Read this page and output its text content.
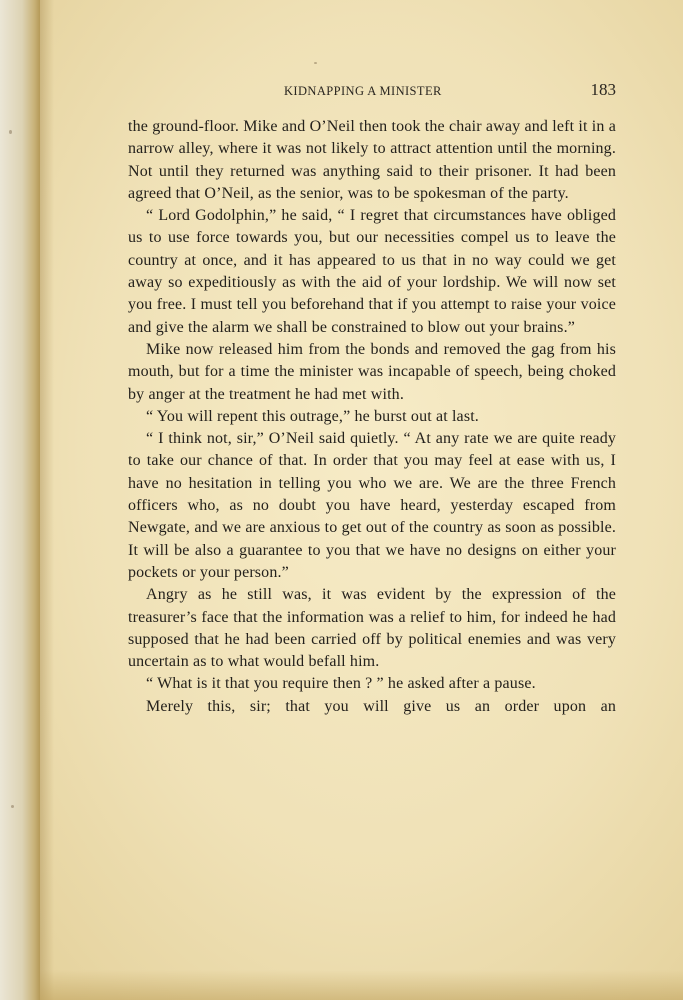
KIDNAPPING A MINISTER	183

the ground-floor. Mike and O’Neil then took the chair away and left it in a narrow alley, where it was not likely to attract attention until the morning. Not until they returned was anything said to their prisoner. It had been agreed that O’Neil, as the senior, was to be spokesman of the party.

“ Lord Godolphin,” he said, “ I regret that circumstances have obliged us to use force towards you, but our necessities compel us to leave the country at once, and it has appeared to us that in no way could we get away so expeditiously as with the aid of your lordship. We will now set you free. I must tell you beforehand that if you attempt to raise your voice and give the alarm we shall be constrained to blow out your brains.”

Mike now released him from the bonds and removed the gag from his mouth, but for a time the minister was incapable of speech, being choked by anger at the treatment he had met with.

“ You will repent this outrage,” he burst out at last.

“ I think not, sir,” O’Neil said quietly. “ At any rate we are quite ready to take our chance of that. In order that you may feel at ease with us, I have no hesitation in telling you who we are. We are the three French officers who, as no doubt you have heard, yesterday escaped from Newgate, and we are anxious to get out of the country as soon as possible. It will be also a guarantee to you that we have no designs on either your pockets or your person.”

Angry as he still was, it was evident by the expression of the treasurer’s face that the information was a relief to him, for indeed he had supposed that he had been carried off by political enemies and was very uncertain as to what would befall him.

“ What is it that you require then ? ” he asked after a pause.

Merely this, sir; that you will give us an order upon an
